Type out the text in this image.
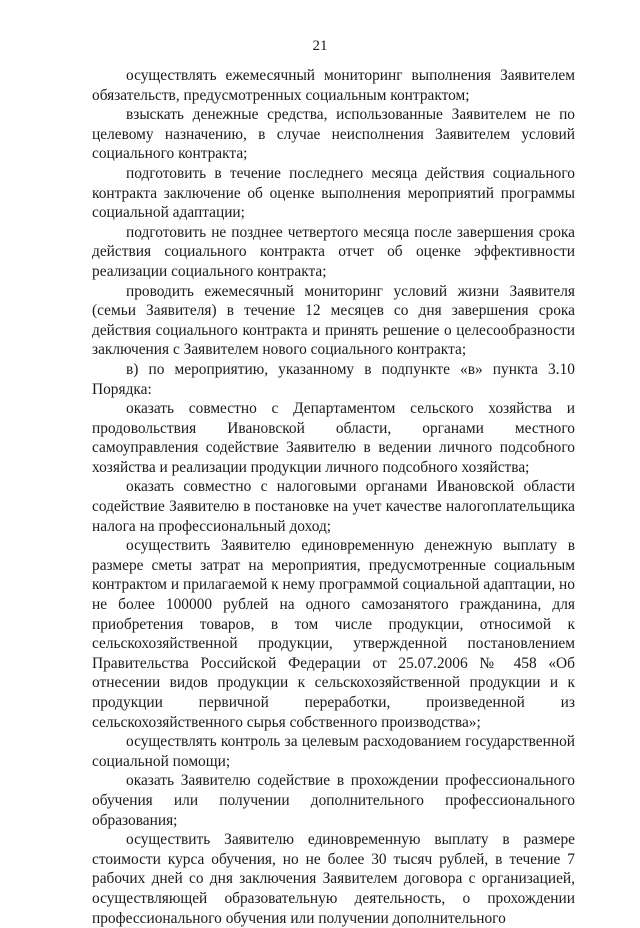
21

осуществлять ежемесячный мониторинг выполнения Заявителем обязательств, предусмотренных социальным контрактом;

взыскать денежные средства, использованные Заявителем не по целевому назначению, в случае неисполнения Заявителем условий социального контракта;

подготовить в течение последнего месяца действия социального контракта заключение об оценке выполнения мероприятий программы социальной адаптации;

подготовить не позднее четвертого месяца после завершения срока действия социального контракта отчет об оценке эффективности реализации социального контракта;

проводить ежемесячный мониторинг условий жизни Заявителя (семьи Заявителя) в течение 12 месяцев со дня завершения срока действия социального контракта и принять решение о целесообразности заключения с Заявителем нового социального контракта;

в) по мероприятию, указанному в подпункте «в» пункта 3.10 Порядка:

оказать совместно с Департаментом сельского хозяйства и продовольствия Ивановской области, органами местного самоуправления содействие Заявителю в ведении личного подсобного хозяйства и реализации продукции личного подсобного хозяйства;

оказать совместно с налоговыми органами Ивановской области содействие Заявителю в постановке на учет качестве налогоплательщика налога на профессиональный доход;

осуществить Заявителю единовременную денежную выплату в размере сметы затрат на мероприятия, предусмотренные социальным контрактом и прилагаемой к нему программой социальной адаптации, но не более 100000 рублей на одного самозанятого гражданина, для приобретения товаров, в том числе продукции, относимой к сельскохозяйственной продукции, утвержденной постановлением Правительства Российской Федерации от 25.07.2006 № 458 «Об отнесении видов продукции к сельскохозяйственной продукции и к продукции первичной переработки, произведенной из сельскохозяйственного сырья собственного производства»;

осуществлять контроль за целевым расходованием государственной социальной помощи;

оказать Заявителю содействие в прохождении профессионального обучения или получении дополнительного профессионального образования;

осуществить Заявителю единовременную выплату в размере стоимости курса обучения, но не более 30 тысяч рублей, в течение 7 рабочих дней со дня заключения Заявителем договора с организацией, осуществляющей образовательную деятельность, о прохождении профессионального обучения или получении дополнительного
